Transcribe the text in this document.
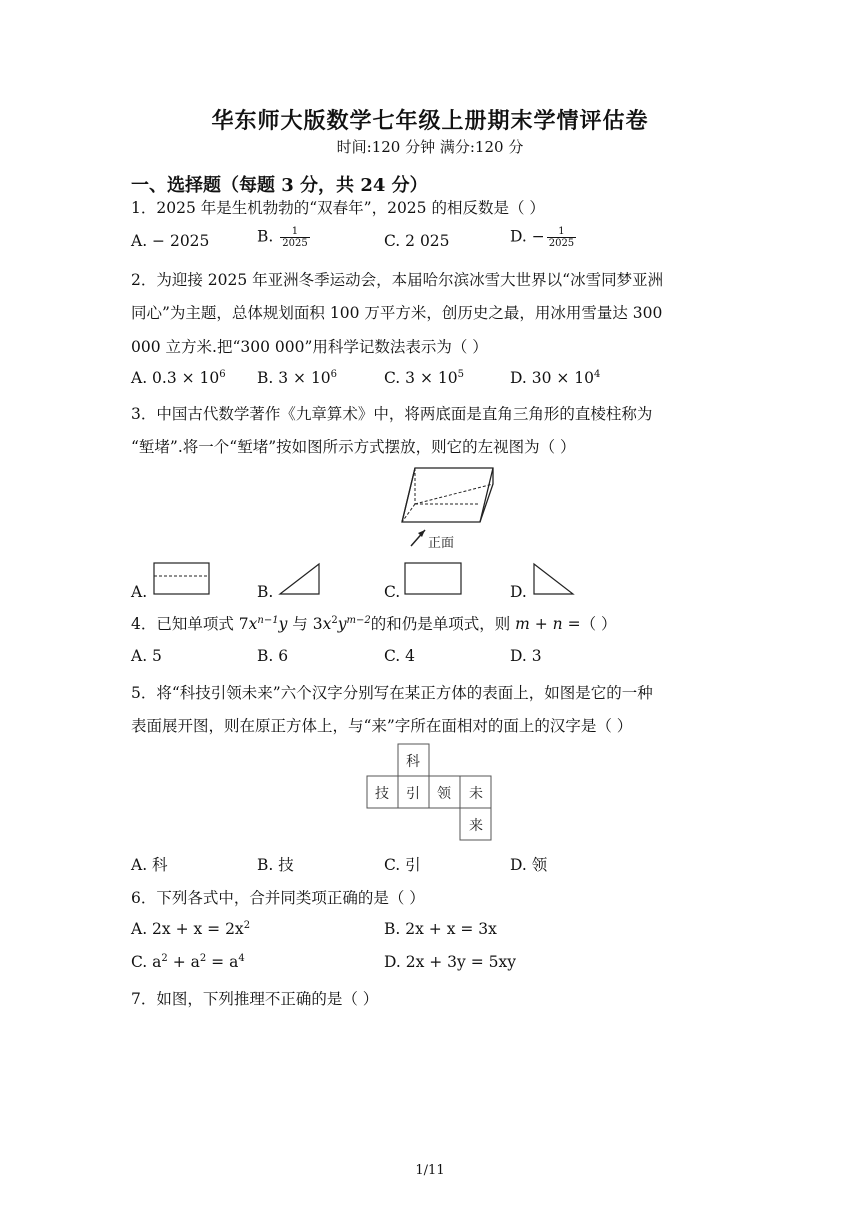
华东师大版数学七年级上册期末学情评估卷
时间:120 分钟 满分:120 分
一、选择题（每题 3 分，共 24 分）
1．2025 年是生机勃勃的“双春年”，2025 的相反数是（ ）
A. − 2025	B. $\frac{1}{2025}$	C. 2 025	D. − $\frac{1}{2025}$
2．为迎接 2025 年亚洲冬季运动会，本届哈尔滨冰雪大世界以“冰雪同梦亚洲
同心”为主题，总体规划面积 100 万平方米，创历史之最，用冰用雪量达 300
000 立方米.把“300 000”用科学记数法表示为（ ）
A. $0.3 \times 10^6$ B. $3 \times 10^6$	C. $3 \times 10^5$	D. $30 \times 10^4$
3．中国古代数学著作《九章算术》中，将两底面是直角三角形的直棱柱称为
“堑堵”.将一个“堑堵”按如图所示方式摆放，则它的左视图为（ ）
正面
A.	B.	C.	D.
4．已知单项式 $7x^{n-1}y$ 与 $3x^2y^{m-2}$的和仍是单项式，则 m + n =（ ）
A. 5	B. 6	C. 4	D. 3
5．将“科技引领未来”六个汉字分别写在某正方体的表面上，如图是它的一种
表面展开图，则在原正方体上，与“来”字所在面相对的面上的汉字是（ ）
科
技 引 领 未
来
A. 科	B. 技	C. 引	D. 领
6．下列各式中，合并同类项正确的是（ ）
A. $2x + x = 2x^2$	B. 2x + x = 3x
C. $a^2 + a^2 = a^4$	D. 2x + 3y = 5xy
7．如图，下列推理不正确的是（ ）
1/11
